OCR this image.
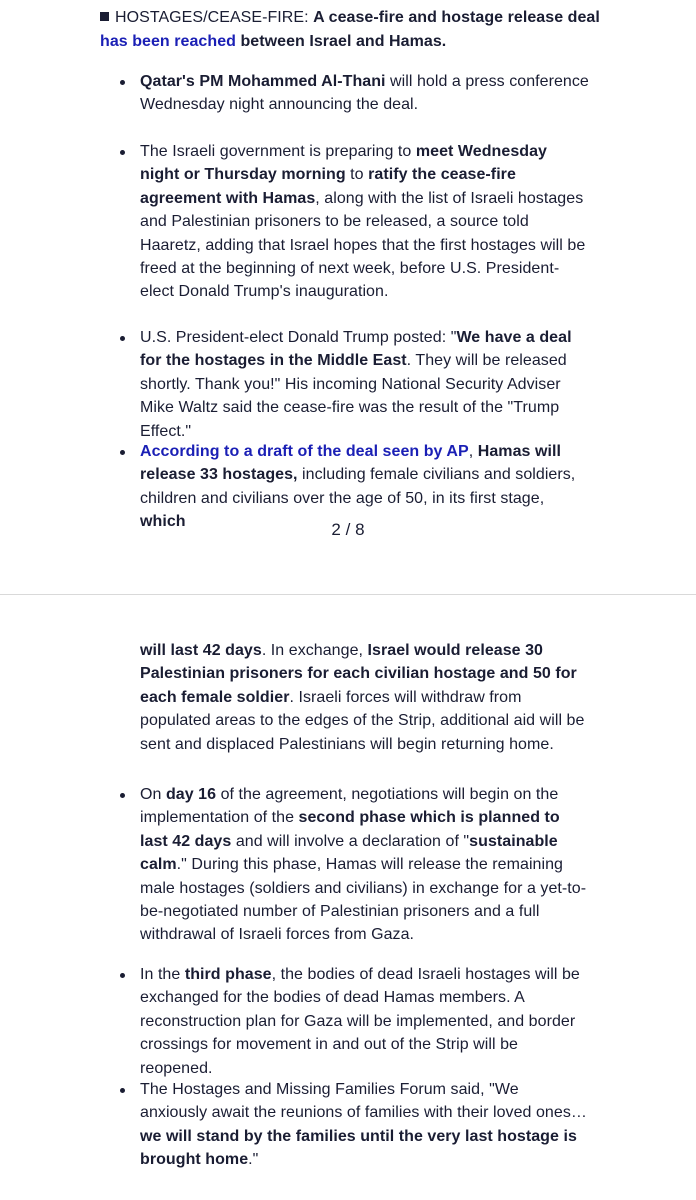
HOSTAGES/CEASE-FIRE: A cease-fire and hostage release deal
has been reached between Israel and Hamas.
Qatar's PM Mohammed Al-Thani will hold a press conference Wednesday night announcing the deal.
The Israeli government is preparing to meet Wednesday night or Thursday morning to ratify the cease-fire agreement with Hamas, along with the list of Israeli hostages and Palestinian prisoners to be released, a source told Haaretz, adding that Israel hopes that the first hostages will be freed at the beginning of next week, before U.S. President-elect Donald Trump's inauguration.
U.S. President-elect Donald Trump posted: "We have a deal for the hostages in the Middle East. They will be released shortly. Thank you!" His incoming National Security Adviser Mike Waltz said the cease-fire was the result of the "Trump Effect."
According to a draft of the deal seen by AP, Hamas will release 33 hostages, including female civilians and soldiers, children and civilians over the age of 50, in its first stage, which	2 / 8
will last 42 days. In exchange, Israel would release 30 Palestinian prisoners for each civilian hostage and 50 for each female soldier. Israeli forces will withdraw from populated areas to the edges of the Strip, additional aid will be sent and displaced Palestinians will begin returning home.
On day 16 of the agreement, negotiations will begin on the implementation of the second phase which is planned to last 42 days and will involve a declaration of "sustainable calm." During this phase, Hamas will release the remaining male hostages (soldiers and civilians) in exchange for a yet-to-be-negotiated number of Palestinian prisoners and a full withdrawal of Israeli forces from Gaza.
In the third phase, the bodies of dead Israeli hostages will be exchanged for the bodies of dead Hamas members. A reconstruction plan for Gaza will be implemented, and border crossings for movement in and out of the Strip will be reopened.
The Hostages and Missing Families Forum said, "We anxiously await the reunions of families with their loved ones…we will stand by the families until the very last hostage is brought home."
